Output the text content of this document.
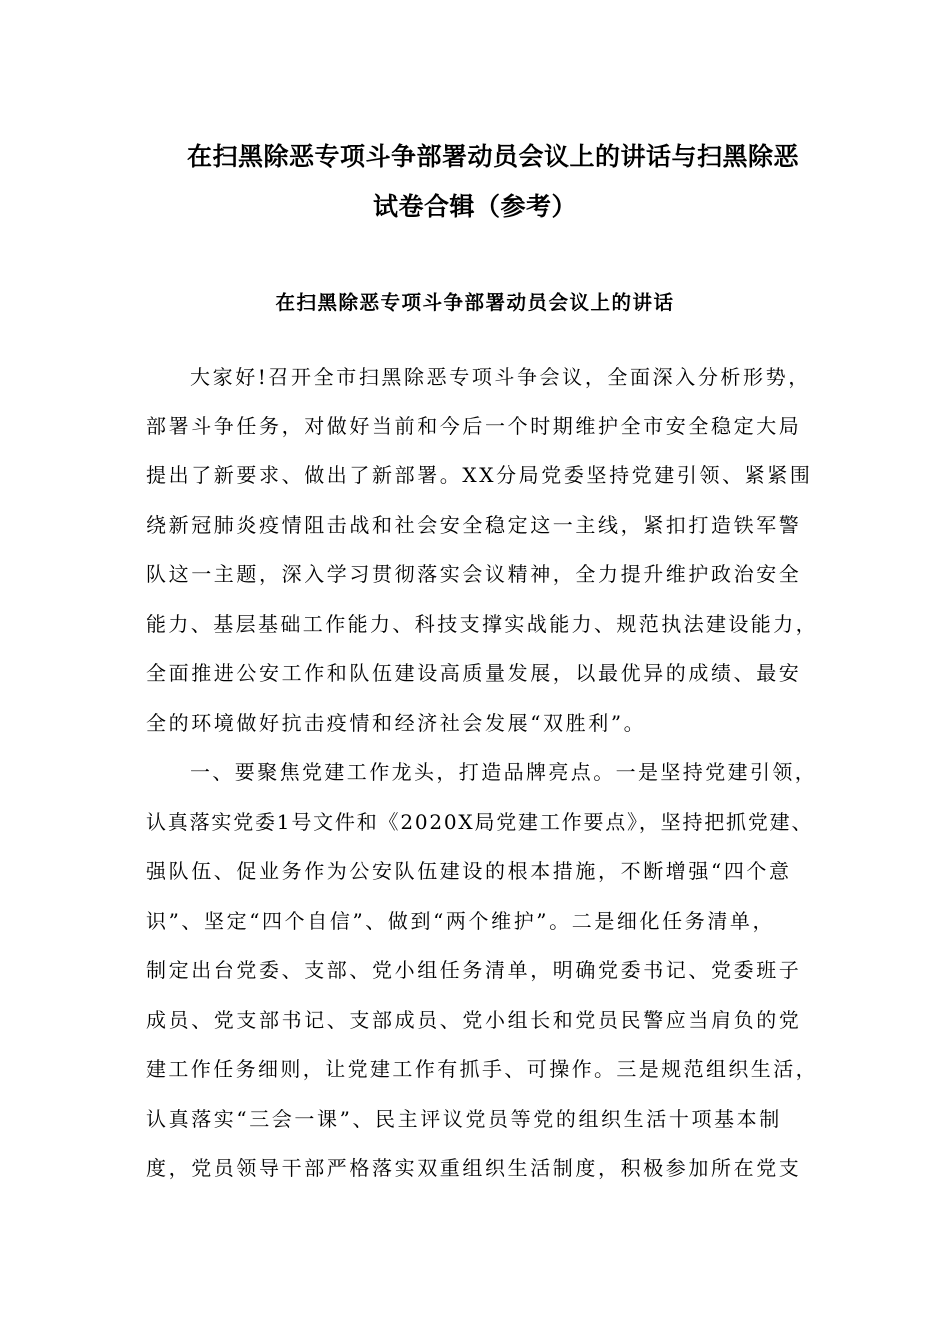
在扫黑除恶专项斗争部署动员会议上的讲话与扫黑除恶
试卷合辑（参考）
在扫黑除恶专项斗争部署动员会议上的讲话
大家好!召开全市扫黑除恶专项斗争会议，全面深入分析形势，
部署斗争任务，对做好当前和今后一个时期维护全市安全稳定大局
提出了新要求、做出了新部署。XX分局党委坚持党建引领、紧紧围
绕新冠肺炎疫情阻击战和社会安全稳定这一主线，紧扣打造铁军警
队这一主题，深入学习贯彻落实会议精神，全力提升维护政治安全
能力、基层基础工作能力、科技支撑实战能力、规范执法建设能力，
全面推进公安工作和队伍建设高质量发展，以最优异的成绩、最安
全的环境做好抗击疫情和经济社会发展“双胜利”。
一、要聚焦党建工作龙头，打造品牌亮点。一是坚持党建引领，
认真落实党委1号文件和《2020X局党建工作要点》，坚持把抓党建、
强队伍、促业务作为公安队伍建设的根本措施，不断增强“四个意
识”、坚定“四个自信”、做到“两个维护”。二是细化任务清单，
制定出台党委、支部、党小组任务清单，明确党委书记、党委班子
成员、党支部书记、支部成员、党小组长和党员民警应当肩负的党
建工作任务细则，让党建工作有抓手、可操作。三是规范组织生活，
认真落实“三会一课”、民主评议党员等党的组织生活十项基本制
度，党员领导干部严格落实双重组织生活制度，积极参加所在党支
